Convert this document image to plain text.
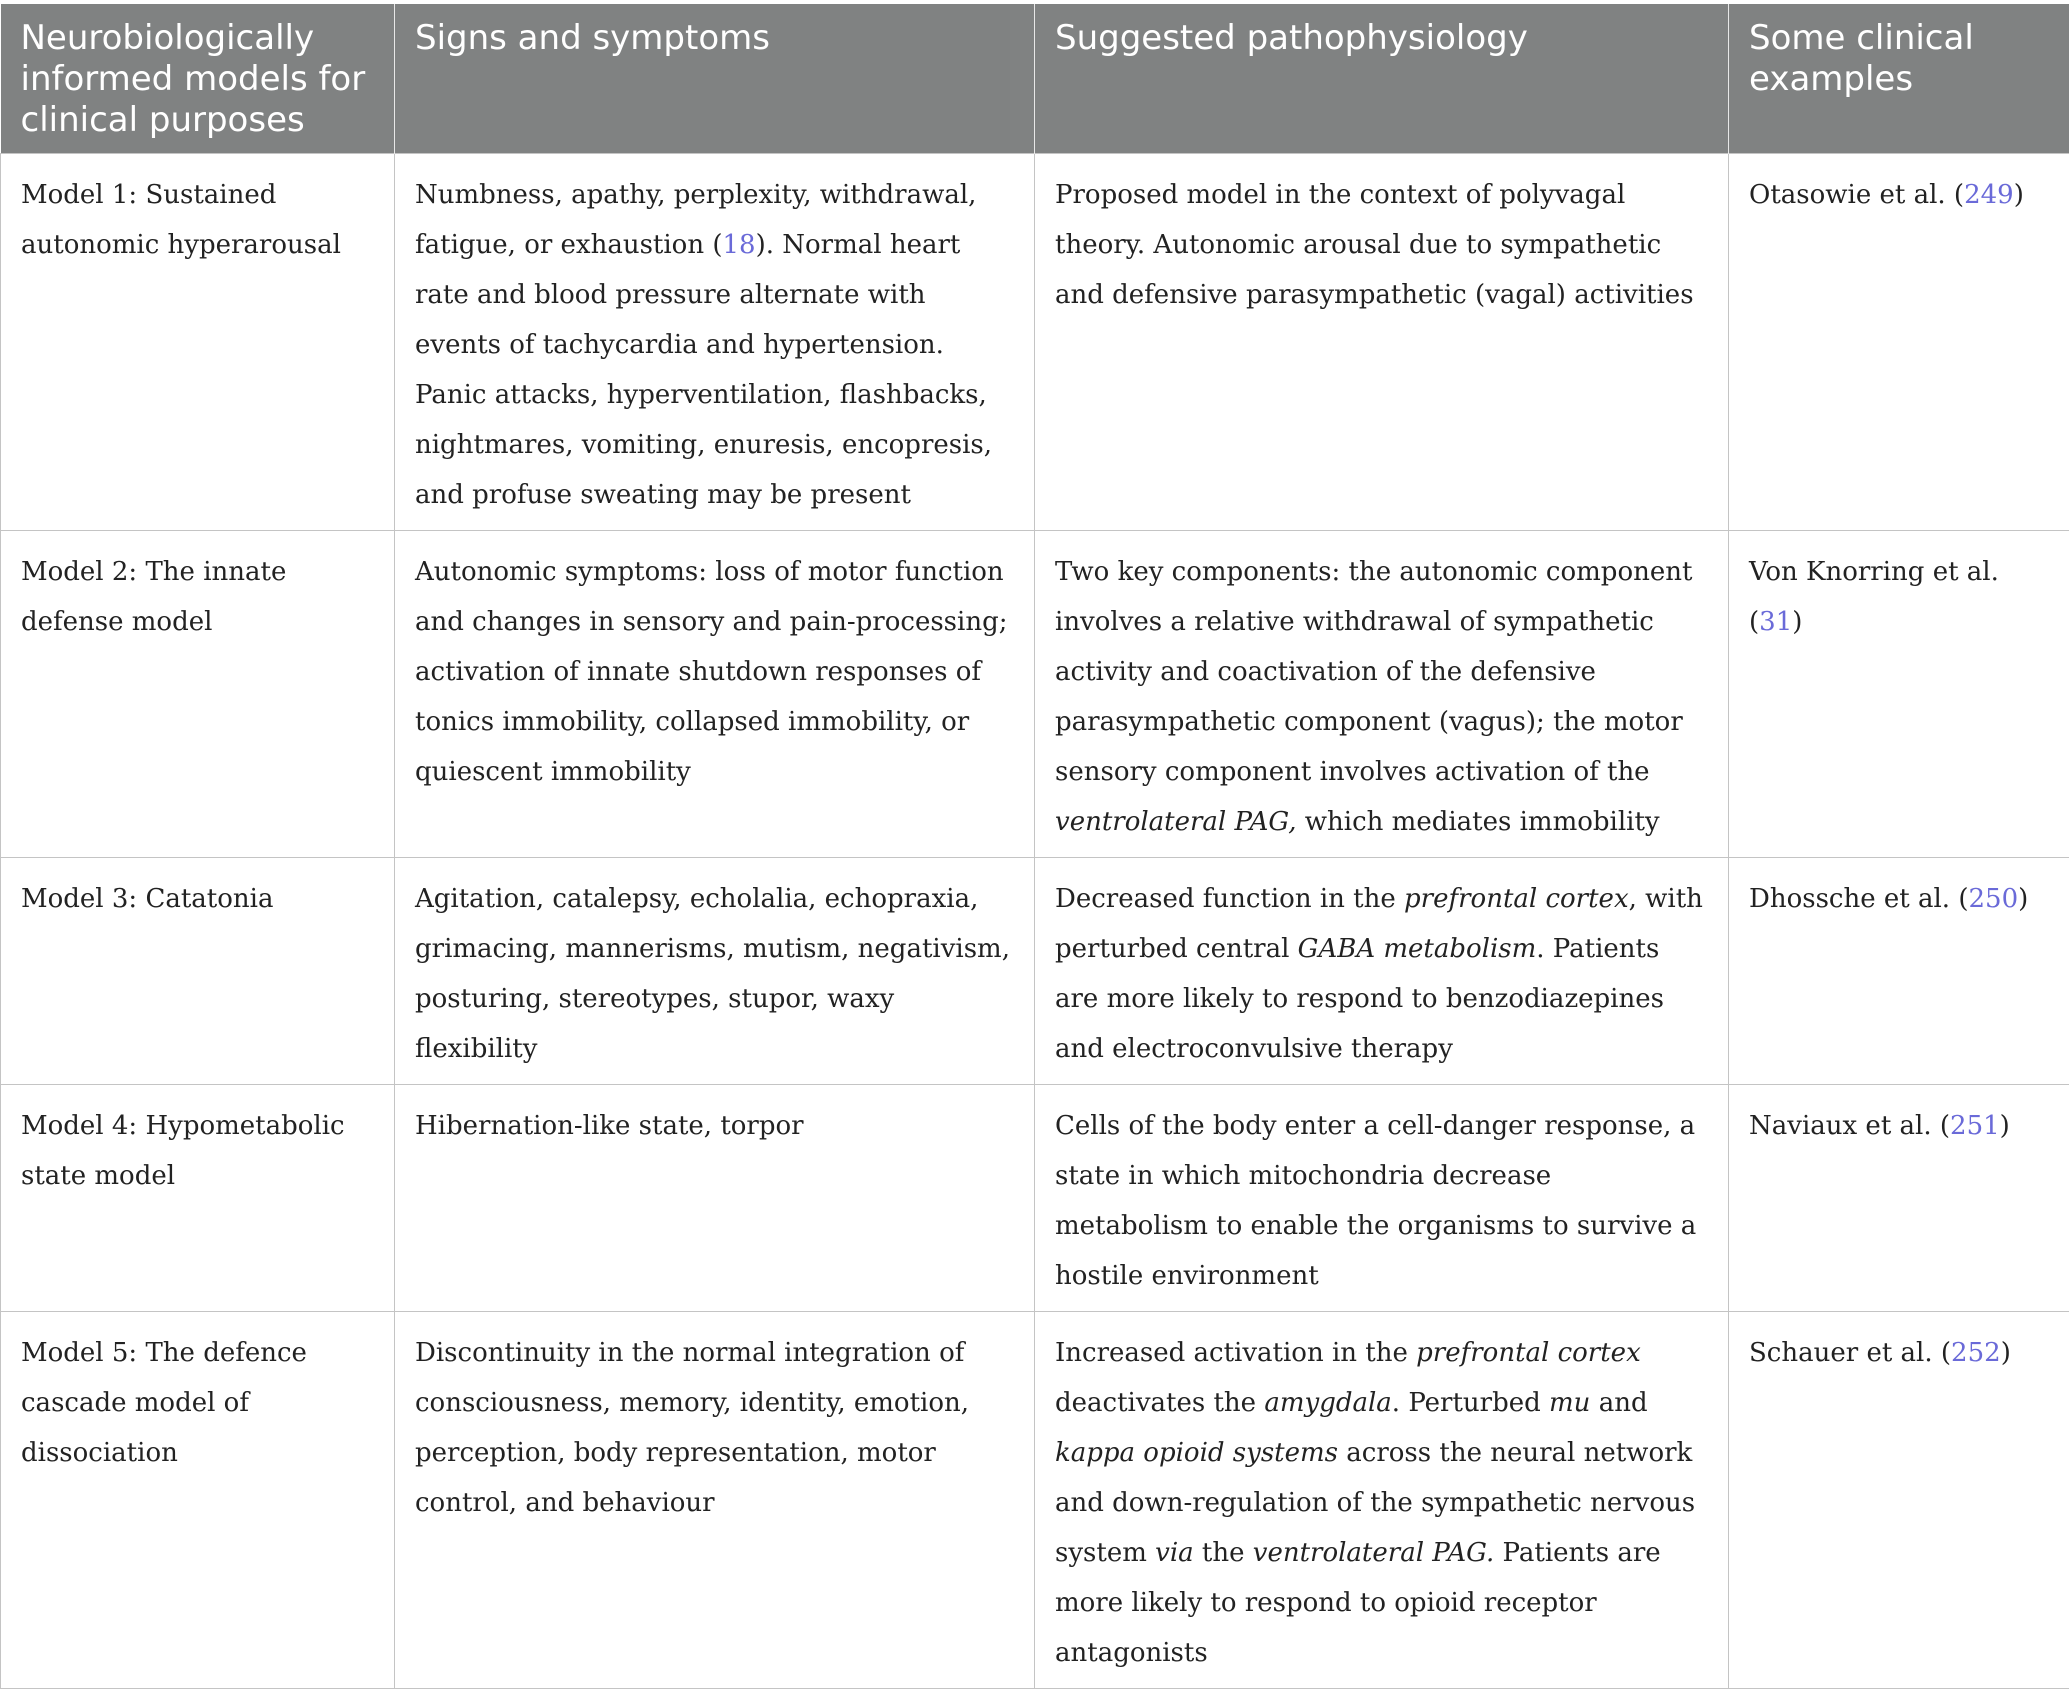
Neurobiologically informed models for clinical purposes	Signs and symptoms	Suggested pathophysiology	Some clinical examples
Model 1: Sustained autonomic hyperarousal	Numbness, apathy, perplexity, withdrawal, fatigue, or exhaustion (18). Normal heart rate and blood pressure alternate with events of tachycardia and hypertension. Panic attacks, hyperventilation, flashbacks, nightmares, vomiting, enuresis, encopresis, and profuse sweating may be present	Proposed model in the context of polyvagal theory. Autonomic arousal due to sympathetic and defensive parasympathetic (vagal) activities	Otasowie et al. (249)
Model 2: The innate defense model	Autonomic symptoms: loss of motor function and changes in sensory and pain-processing; activation of innate shutdown responses of tonics immobility, collapsed immobility, or quiescent immobility	Two key components: the autonomic component involves a relative withdrawal of sympathetic activity and coactivation of the defensive parasympathetic component (vagus); the motor sensory component involves activation of the ventrolateral PAG, which mediates immobility	Von Knorring et al. (31)
Model 3: Catatonia	Agitation, catalepsy, echolalia, echopraxia, grimacing, mannerisms, mutism, negativism, posturing, stereotypes, stupor, waxy flexibility	Decreased function in the prefrontal cortex, with perturbed central GABA metabolism. Patients are more likely to respond to benzodiazepines and electroconvulsive therapy	Dhossche et al. (250)
Model 4: Hypometabolic state model	Hibernation-like state, torpor	Cells of the body enter a cell-danger response, a state in which mitochondria decrease metabolism to enable the organisms to survive a hostile environment	Naviaux et al. (251)
Model 5: The defence cascade model of dissociation	Discontinuity in the normal integration of consciousness, memory, identity, emotion, perception, body representation, motor control, and behaviour	Increased activation in the prefrontal cortex deactivates the amygdala. Perturbed mu and kappa opioid systems across the neural network and down-regulation of the sympathetic nervous system via the ventrolateral PAG. Patients are more likely to respond to opioid receptor antagonists	Schauer et al. (252)
